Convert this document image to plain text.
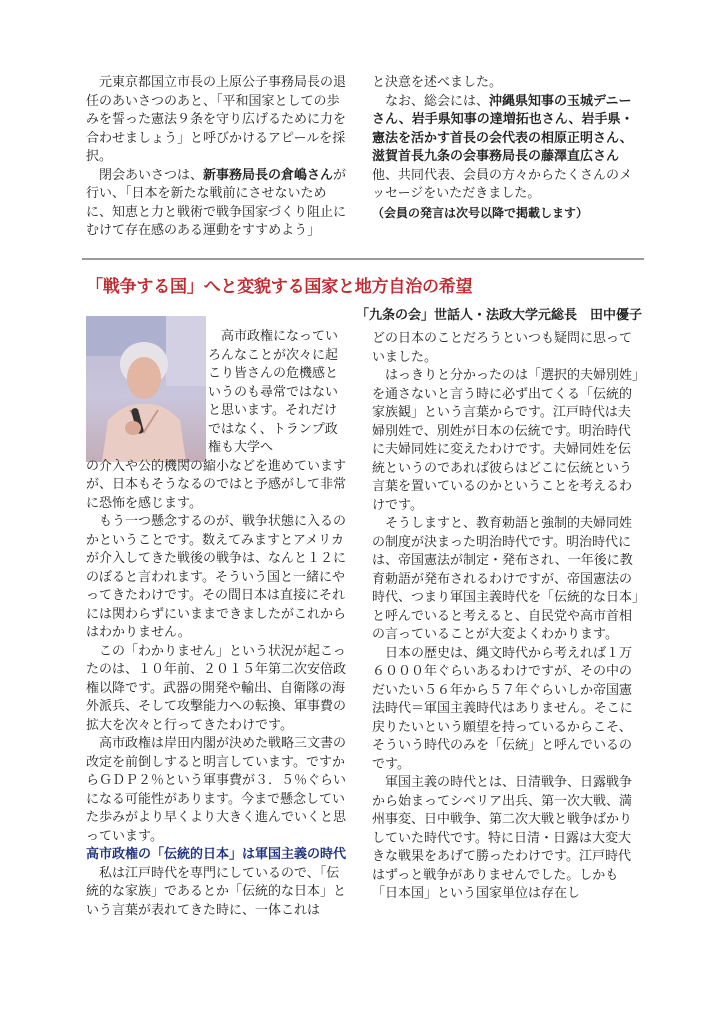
元東京都国立市長の上原公子事務局長の退任のあいさつのあと、「平和国家としての歩みを誓った憲法９条を守り広げるために力を合わせましょう」と呼びかけるアピールを採択。

閉会あいさつは、新事務局長の倉嶋さんが行い、「日本を新たな戦前にさせないために、知恵と力と戦術で戦争国家づくり阻止にむけて存在感のある運動をすすめよう」

と決意を述べました。

なお、総会には、沖縄県知事の玉城デニーさん、岩手県知事の達増拓也さん、岩手県・憲法を活かす首長の会代表の相原正明さん、滋賀首長九条の会事務局長の藤澤直広さん他、共同代表、会員の方々からたくさんのメッセージをいただきました。

（会員の発言は次号以降で掲載します）

「戦争する国」へと変貌する国家と地方自治の希望
「九条の会」世話人・法政大学元総長　田中優子

高市政権になっていろんなことが次々に起こり皆さんの危機感というのも尋常ではないと思います。それだけではなく、トランプ政権も大学へ

の介入や公的機関の縮小などを進めていますが、日本もそうなるのではと予感がして非常に恐怖を感じます。

もう一つ懸念するのが、戦争状態に入るのかということです。数えてみますとアメリカが介入してきた戦後の戦争は、なんと１２にのぼると言われます。そういう国と一緒にやってきたわけです。その間日本は直接にそれには関わらずにいままできましたがこれからはわかりません。

この「わかりません」という状況が起こったのは、１０年前、２０１５年第二次安倍政権以降です。武器の開発や輸出、自衛隊の海外派兵、そして攻撃能力への転換、軍事費の拡大を次々と行ってきたわけです。

高市政権は岸田内閣が決めた戦略三文書の改定を前倒しすると明言しています。ですからＧＤＰ２％という軍事費が３．５％ぐらいになる可能性があります。今まで懸念していた歩みがより早くより大きく進んでいくと思っています。

高市政権の「伝統的日本」は軍国主義の時代

私は江戸時代を専門にしているので、「伝統的な家族」であるとか「伝統的な日本」という言葉が表れてきた時に、一体これは

どの日本のことだろうといつも疑問に思っていました。

はっきりと分かったのは「選択的夫婦別姓」を通さないと言う時に必ず出てくる「伝統的家族観」という言葉からです。江戸時代は夫婦別姓で、別姓が日本の伝統です。明治時代に夫婦同姓に変えたわけです。夫婦同姓を伝統というのであれば彼らはどこに伝統という言葉を置いているのかということを考えるわけです。

そうしますと、教育勅語と強制的夫婦同姓の制度が決まった明治時代です。明治時代には、帝国憲法が制定・発布され、一年後に教育勅語が発布されるわけですが、帝国憲法の時代、つまり軍国主義時代を「伝統的な日本」と呼んでいると考えると、自民党や高市首相の言っていることが大変よくわかります。

日本の歴史は、縄文時代から考えれば１万６０００年ぐらいあるわけですが、その中のだいたい５６年から５７年ぐらいしか帝国憲法時代＝軍国主義時代はありません。そこに戻りたいという願望を持っているからこそ、そういう時代のみを「伝統」と呼んでいるのです。

軍国主義の時代とは、日清戦争、日露戦争から始まってシベリア出兵、第一次大戦、満州事変、日中戦争、第二次大戦と戦争ばかりしていた時代です。特に日清・日露は大変大きな戦果をあげて勝ったわけです。江戸時代はずっと戦争がありませんでした。しかも「日本国」という国家単位は存在し
